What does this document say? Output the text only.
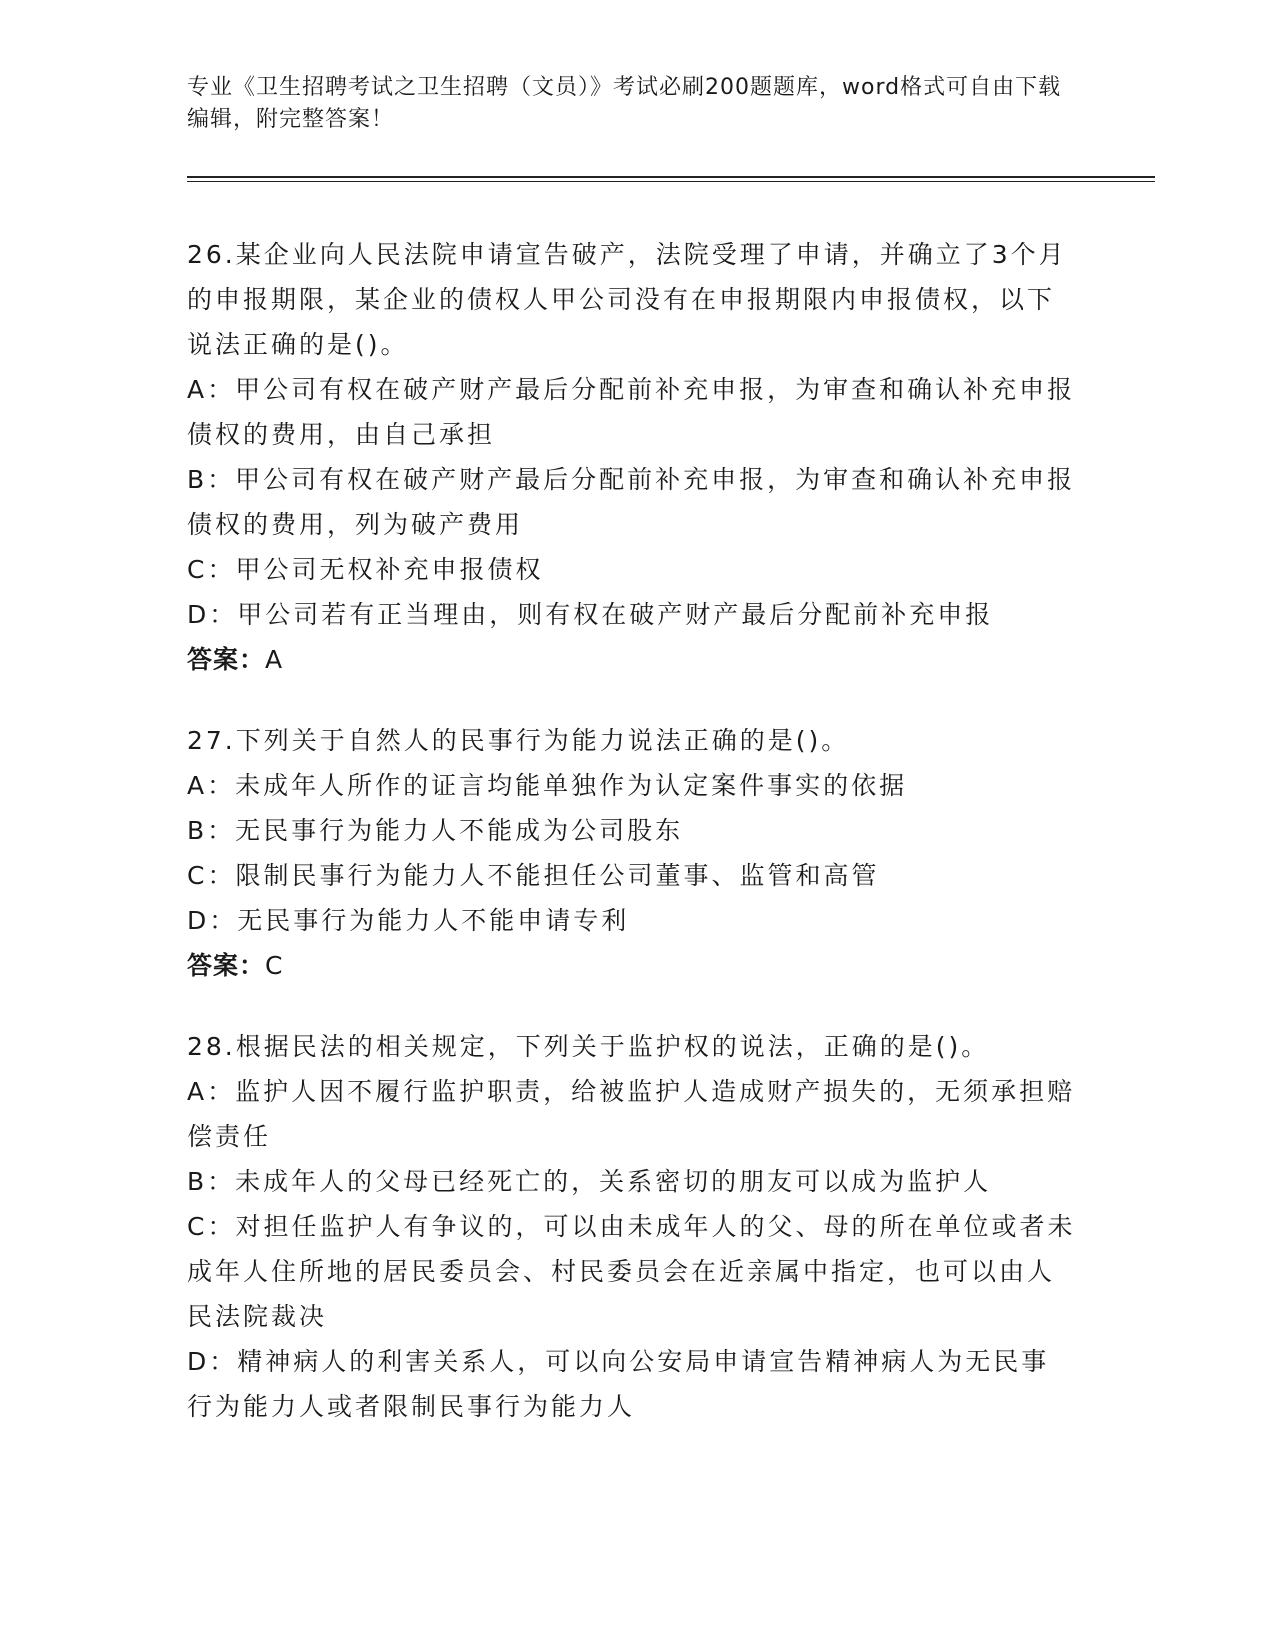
专业《卫生招聘考试之卫生招聘（文员）》考试必刷200题题库，word格式可自由下载编辑，附完整答案！

26.某企业向人民法院申请宣告破产，法院受理了申请，并确立了3个月的申报期限，某企业的债权人甲公司没有在申报期限内申报债权，以下说法正确的是()。

A：甲公司有权在破产财产最后分配前补充申报，为审查和确认补充申报债权的费用，由自己承担

B：甲公司有权在破产财产最后分配前补充申报，为审查和确认补充申报债权的费用，列为破产费用

C：甲公司无权补充申报债权

D：甲公司若有正当理由，则有权在破产财产最后分配前补充申报

答案：A

27.下列关于自然人的民事行为能力说法正确的是()。

A：未成年人所作的证言均能单独作为认定案件事实的依据

B：无民事行为能力人不能成为公司股东

C：限制民事行为能力人不能担任公司董事、监管和高管

D：无民事行为能力人不能申请专利

答案：C

28.根据民法的相关规定，下列关于监护权的说法，正确的是()。

A：监护人因不履行监护职责，给被监护人造成财产损失的，无须承担赔偿责任

B：未成年人的父母已经死亡的，关系密切的朋友可以成为监护人

C：对担任监护人有争议的，可以由未成年人的父、母的所在单位或者未成年人住所地的居民委员会、村民委员会在近亲属中指定，也可以由人民法院裁决

D：精神病人的利害关系人，可以向公安局申请宣告精神病人为无民事行为能力人或者限制民事行为能力人
